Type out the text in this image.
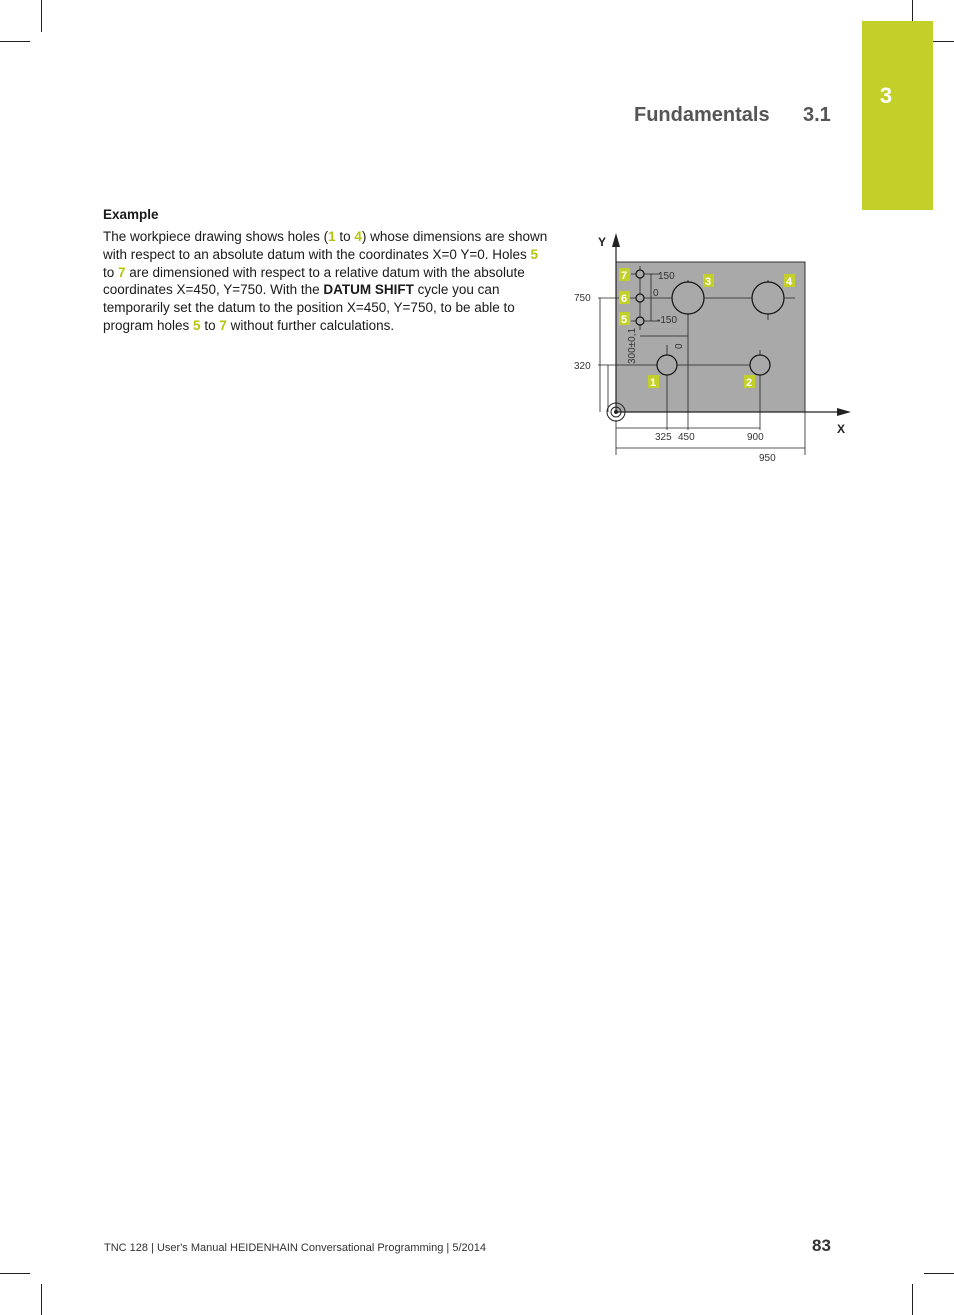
3
Fundamentals 3.1
Example
The workpiece drawing shows holes (1 to 4) whose dimensions are shown with respect to an absolute datum with the coordinates X=0 Y=0. Holes 5 to 7 are dimensioned with respect to a relative datum with the absolute coordinates X=450, Y=750. With the DATUM SHIFT cycle you can temporarily set the datum to the position X=450, Y=750, to be able to program holes 5 to 7 without further calculations.
Y
X
750
320
325 450	900
950
150
0
-150
0
300±0,1
7
6
5
3	4
1	2
TNC 128 | User's Manual HEIDENHAIN Conversational Programming | 5/2014	83
